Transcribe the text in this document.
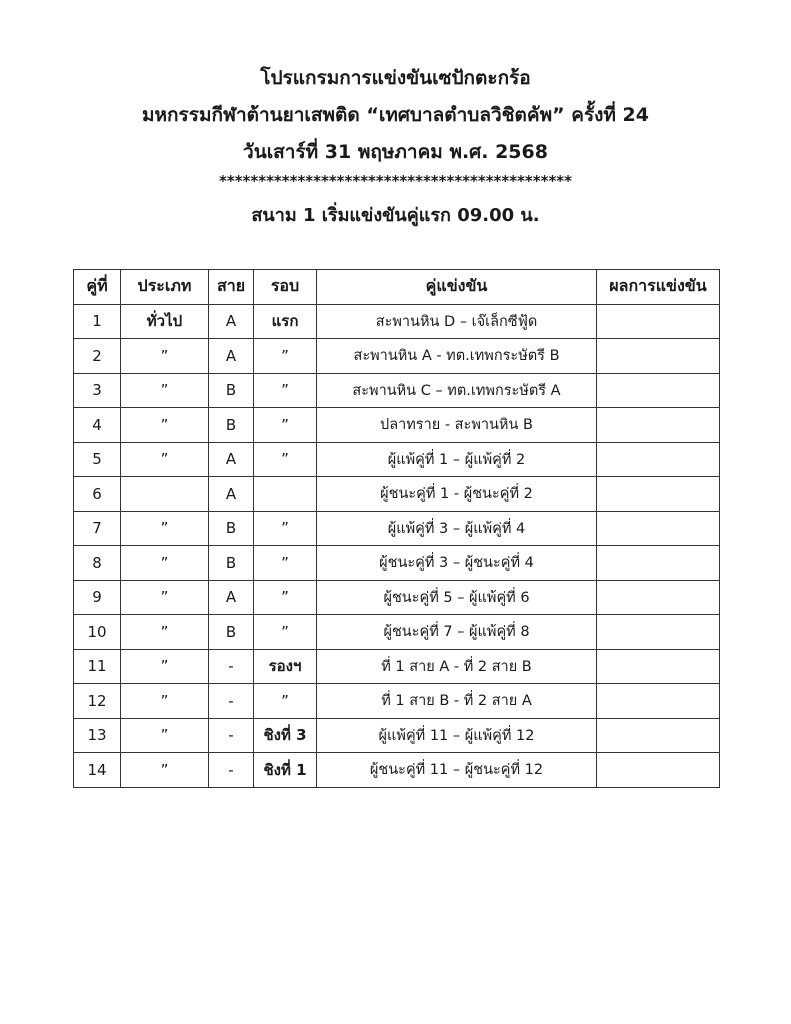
โปรแกรมการแข่งขันเซปักตะกร้อ
มหกรรมกีฬาต้านยาเสพติด “เทศบาลตำบลวิชิตคัพ” ครั้งที่ 24
วันเสาร์ที่ 31 พฤษภาคม พ.ศ. 2568
*********************************************
สนาม 1 เริ่มแข่งขันคู่แรก 09.00 น.
คู่ที่	ประเภท	สาย	รอบ	คู่แข่งขัน	ผลการแข่งขัน
1	ทั่วไป	A	แรก	สะพานหิน D – เจ๊เล็กซีฟู้ด	
2	”	A	”	สะพานหิน A - ทต.เทพกระษัตรี B	
3	”	B	”	สะพานหิน C – ทต.เทพกระษัตรี A	
4	”	B	”	ปลาทราย - สะพานหิน B	
5	”	A	”	ผู้แพ้คู่ที่ 1 – ผู้แพ้คู่ที่ 2	
6		A		ผู้ชนะคู่ที่ 1 - ผู้ชนะคู่ที่ 2	
7	”	B	”	ผู้แพ้คู่ที่ 3 – ผู้แพ้คู่ที่ 4	
8	”	B	”	ผู้ชนะคู่ที่ 3 – ผู้ชนะคู่ที่ 4	
9	”	A	”	ผู้ชนะคู่ที่ 5 – ผู้แพ้คู่ที่ 6	
10	”	B	”	ผู้ชนะคู่ที่ 7 – ผู้แพ้คู่ที่ 8	
11	”	-	รองฯ	ที่ 1 สาย A - ที่ 2 สาย B	
12	”	-	”	ที่ 1 สาย B - ที่ 2 สาย A	
13	”	-	ชิงที่ 3	ผู้แพ้คู่ที่ 11 – ผู้แพ้คู่ที่ 12	
14	”	-	ชิงที่ 1	ผู้ชนะคู่ที่ 11 – ผู้ชนะคู่ที่ 12	
